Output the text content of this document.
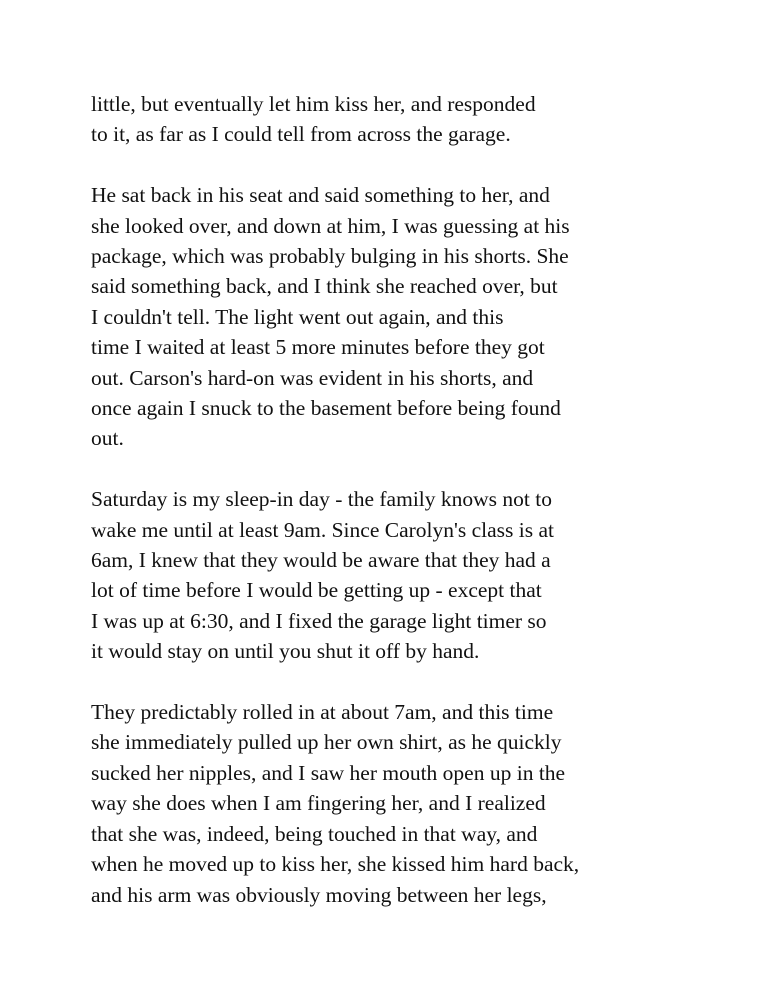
little, but eventually let him kiss her, and responded
to it, as far as I could tell from across the garage.

He sat back in his seat and said something to her, and
she looked over, and down at him, I was guessing at his
package, which was probably bulging in his shorts. She
said something back, and I think she reached over, but
I couldn't tell. The light went out again, and this
time I waited at least 5 more minutes before they got
out. Carson's hard-on was evident in his shorts, and
once again I snuck to the basement before being found
out.

Saturday is my sleep-in day - the family knows not to
wake me until at least 9am. Since Carolyn's class is at
6am, I knew that they would be aware that they had a
lot of time before I would be getting up - except that
I was up at 6:30, and I fixed the garage light timer so
it would stay on until you shut it off by hand.

They predictably rolled in at about 7am, and this time
she immediately pulled up her own shirt, as he quickly
sucked her nipples, and I saw her mouth open up in the
way she does when I am fingering her, and I realized
that she was, indeed, being touched in that way, and
when he moved up to kiss her, she kissed him hard back,
and his arm was obviously moving between her legs,
